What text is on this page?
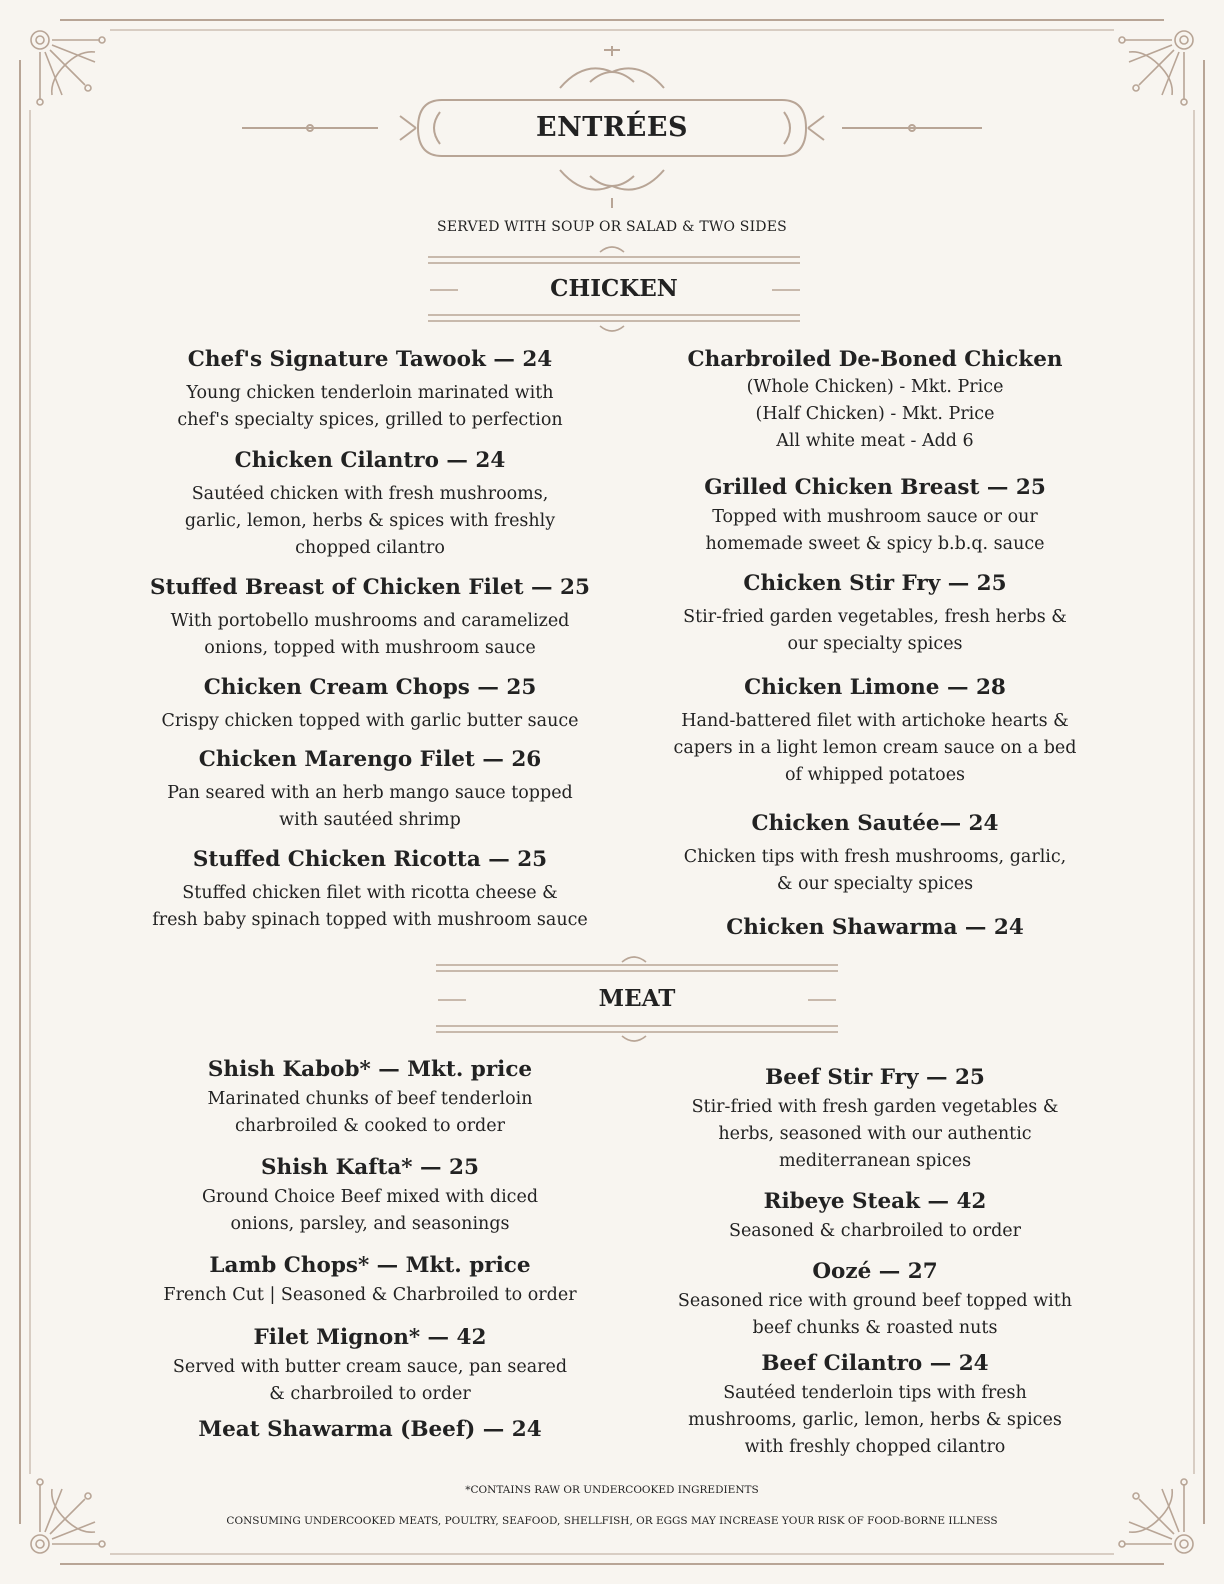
ENTRÉES
SERVED WITH SOUP OR SALAD & TWO SIDES
CHICKEN
MEAT
Chef's Signature Tawook — 24
Young chicken tenderloin marinated with
chef's specialty spices, grilled to perfection
Chicken Cilantro — 24
Sautéed chicken with fresh mushrooms,
garlic, lemon, herbs & spices with freshly
chopped cilantro
Stuffed Breast of Chicken Filet — 25
With portobello mushrooms and caramelized
onions, topped with mushroom sauce
Chicken Cream Chops — 25
Crispy chicken topped with garlic butter sauce
Chicken Marengo Filet — 26
Pan seared with an herb mango sauce topped
with sautéed shrimp
Stuffed Chicken Ricotta — 25
Stuffed chicken filet with ricotta cheese &
fresh baby spinach topped with mushroom sauce
Charbroiled De-Boned Chicken
(Whole Chicken) - Mkt. Price
(Half Chicken) - Mkt. Price
All white meat - Add 6
Grilled Chicken Breast — 25
Topped with mushroom sauce or our
homemade sweet & spicy b.b.q. sauce
Chicken Stir Fry — 25
Stir-fried garden vegetables, fresh herbs &
our specialty spices
Chicken Limone — 28
Hand-battered filet with artichoke hearts &
capers in a light lemon cream sauce on a bed
of whipped potatoes
Chicken Sautée— 24
Chicken tips with fresh mushrooms, garlic,
& our specialty spices
Chicken Shawarma — 24
Shish Kabob* — Mkt. price
Marinated chunks of beef tenderloin
charbroiled & cooked to order
Shish Kafta* — 25
Ground Choice Beef mixed with diced
onions, parsley, and seasonings
Lamb Chops* — Mkt. price
French Cut | Seasoned & Charbroiled to order
Filet Mignon* — 42
Served with butter cream sauce, pan seared
& charbroiled to order
Meat Shawarma (Beef) — 24
Beef Stir Fry — 25
Stir-fried with fresh garden vegetables &
herbs, seasoned with our authentic
mediterranean spices
Ribeye Steak — 42
Seasoned & charbroiled to order
Oozé — 27
Seasoned rice with ground beef topped with
beef chunks & roasted nuts
Beef Cilantro — 24
Sautéed tenderloin tips with fresh
mushrooms, garlic, lemon, herbs & spices
with freshly chopped cilantro
*CONTAINS RAW OR UNDERCOOKED INGREDIENTS
CONSUMING UNDERCOOKED MEATS, POULTRY, SEAFOOD, SHELLFISH, OR EGGS MAY INCREASE YOUR RISK OF FOOD-BORNE ILLNESS
